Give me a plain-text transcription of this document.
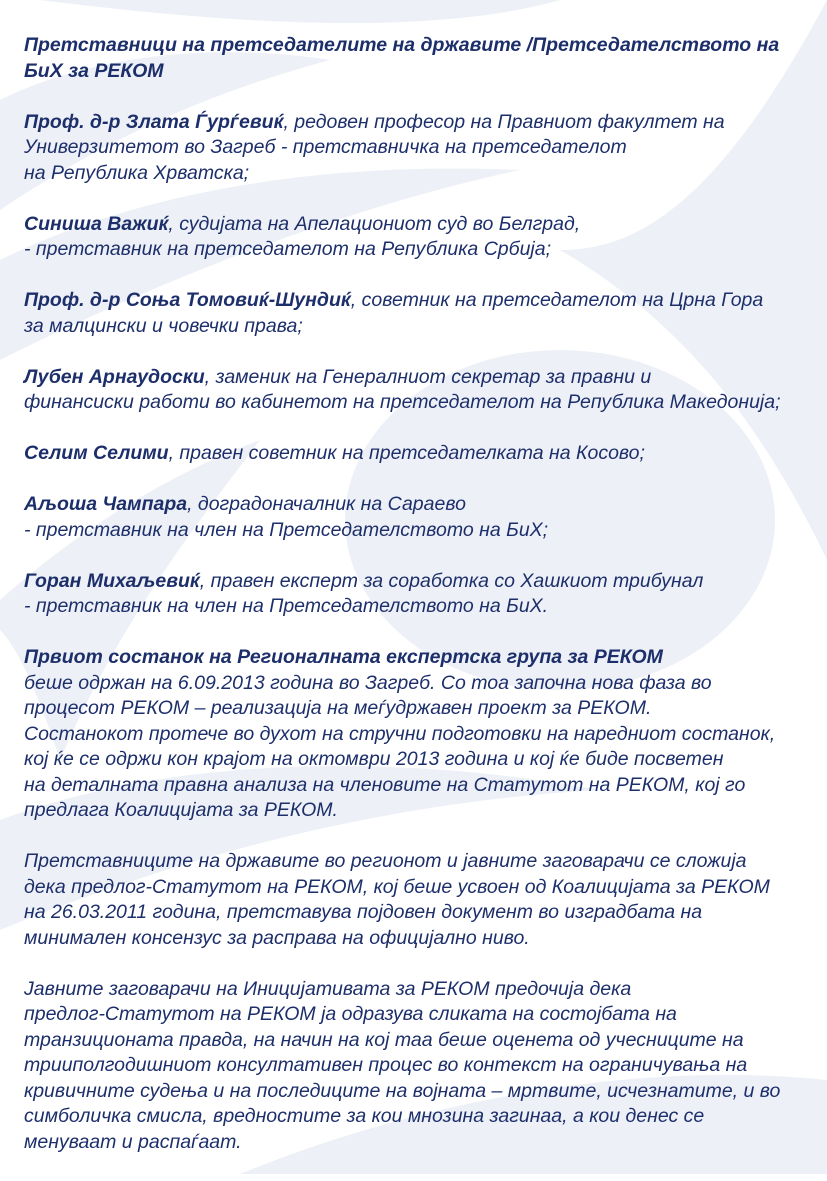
Претставници на претседателите на државите /Претседателството на
БиХ за РЕКОМ

Проф. д-р Злата Ѓурѓевиќ, редовен професор на Правниот факултет на
Универзитетот во Загреб - претставничка на претседателот
на Република Хрватска;

Синиша Важиќ, судијата на Апелациониот суд во Белград,
- претставник на претседателот на Република Србија;

Проф. д-р Соња Томовиќ-Шундиќ, советник на претседателот на Црна Гора
за малцински и човечки права;

Лубен Арнаудоски, заменик на Генералниот секретар за правни и
финансиски работи во кабинетот на претседателот на Република Македонија;

Селим Селими, правен советник на претседателката на Косово;

Аљоша Чампара, доградоначалник на Сараево
- претставник на член на Претседателството на БиХ;

Горан Михаљевиќ, правен експерт за соработка со Хашкиот трибунал
- претставник на член на Претседателството на БиХ.

Првиот состанок на Регионалната експертска група за РЕКОМ
беше одржан на 6.09.2013 година во Загреб. Со тоа започна нова фаза во
процесот РЕКОМ – реализација на меѓудржавен проект за РЕКОМ.
Состанокот протече во духот на стручни подготовки на наредниот состанок,
кој ќе се одржи кон крајот на октомври 2013 година и кој ќе биде посветен
на деталната правна анализа на членовите на Статутот на РЕКОМ, кој го
предлага Коалицијата за РЕКОМ.

Претставниците на државите во регионот и јавните заговарачи се сложија
дека предлог-Статутот на РЕКОМ, кој беше усвоен од Коалицијата за РЕКОМ
на 26.03.2011 година, претставува појдовен документ во изградбата на
минимален консензус за расправа на официјално ниво.

Јавните заговарачи на Иницијативата за РЕКОМ предочија дека
предлог-Статутот на РЕКОМ ја одразува сликата на состојбата на
транзиционата правда, на начин на кој таа беше оценета од учесниците на
трииполгодишниот консултативен процес во контекст на ограничувања на
кривичните судења и на последиците на војната – мртвите, исчезнатите, и во
симболичка смисла, вредностите за кои мнозина загинаа, а кои денес се
менуваат и распаѓаат.
